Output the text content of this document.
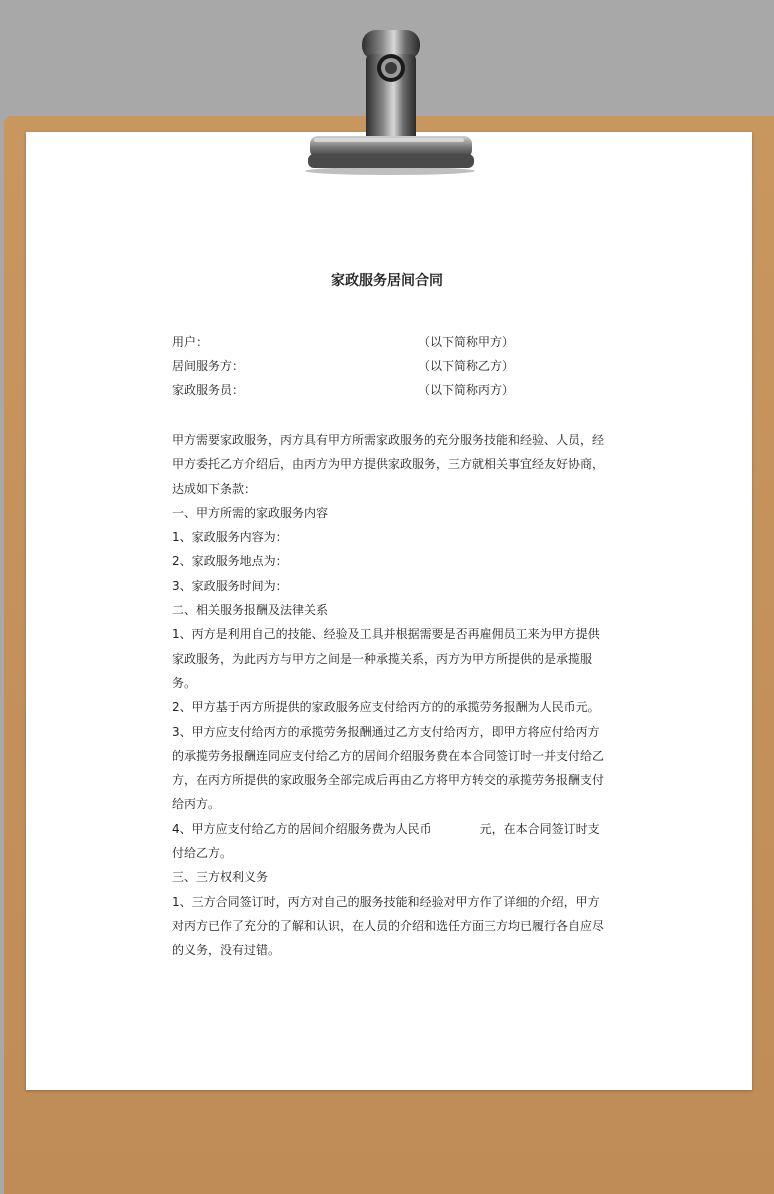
家政服务居间合同
用户：	（以下简称甲方）
居间服务方：	（以下简称乙方）
家政服务员：	（以下简称丙方）

甲方需要家政服务，丙方具有甲方所需家政服务的充分服务技能和经验、人员，经甲方委托乙方介绍后，由丙方为甲方提供家政服务，三方就相关事宜经友好协商，达成如下条款：

一、甲方所需的家政服务内容

1、家政服务内容为：

2、家政服务地点为：

3、家政服务时间为：

二、相关服务报酬及法律关系

1、丙方是利用自己的技能、经验及工具并根据需要是否再雇佣员工来为甲方提供家政服务，为此丙方与甲方之间是一种承揽关系，丙方为甲方所提供的是承揽服务。

2、甲方基于丙方所提供的家政服务应支付给丙方的的承揽劳务报酬为人民币元。

3、甲方应支付给丙方的承揽劳务报酬通过乙方支付给丙方，即甲方将应付给丙方的承揽劳务报酬连同应支付给乙方的居间介绍服务费在本合同签订时一并支付给乙方，在丙方所提供的家政服务全部完成后再由乙方将甲方转交的承揽劳务报酬支付给丙方。

4、甲方应支付给乙方的居间介绍服务费为人民币	元，在本合同签订时支付给乙方。

三、三方权利义务

1、三方合同签订时，丙方对自己的服务技能和经验对甲方作了详细的介绍，甲方对丙方已作了充分的了解和认识，在人员的介绍和选任方面三方均已履行各自应尽的义务，没有过错。
